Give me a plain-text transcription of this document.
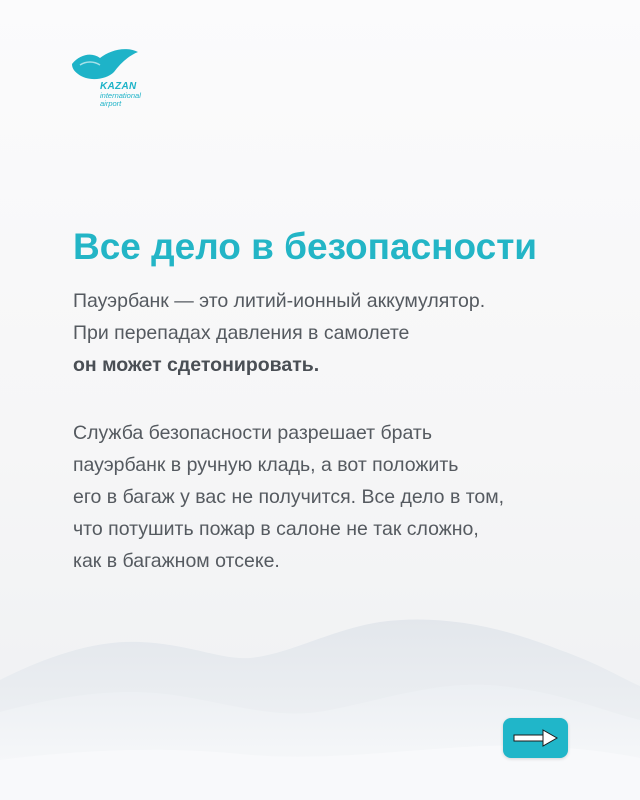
KAZAN
international
airport
Все дело в безопасности
Пауэрбанк — это литий-ионный аккумулятор.
При перепадах давления в самолете
он может сдетонировать.
Служба безопасности разрешает брать
пауэрбанк в ручную кладь, а вот положить
его в багаж у вас не получится. Все дело в том,
что потушить пожар в салоне не так сложно,
как в багажном отсеке.
